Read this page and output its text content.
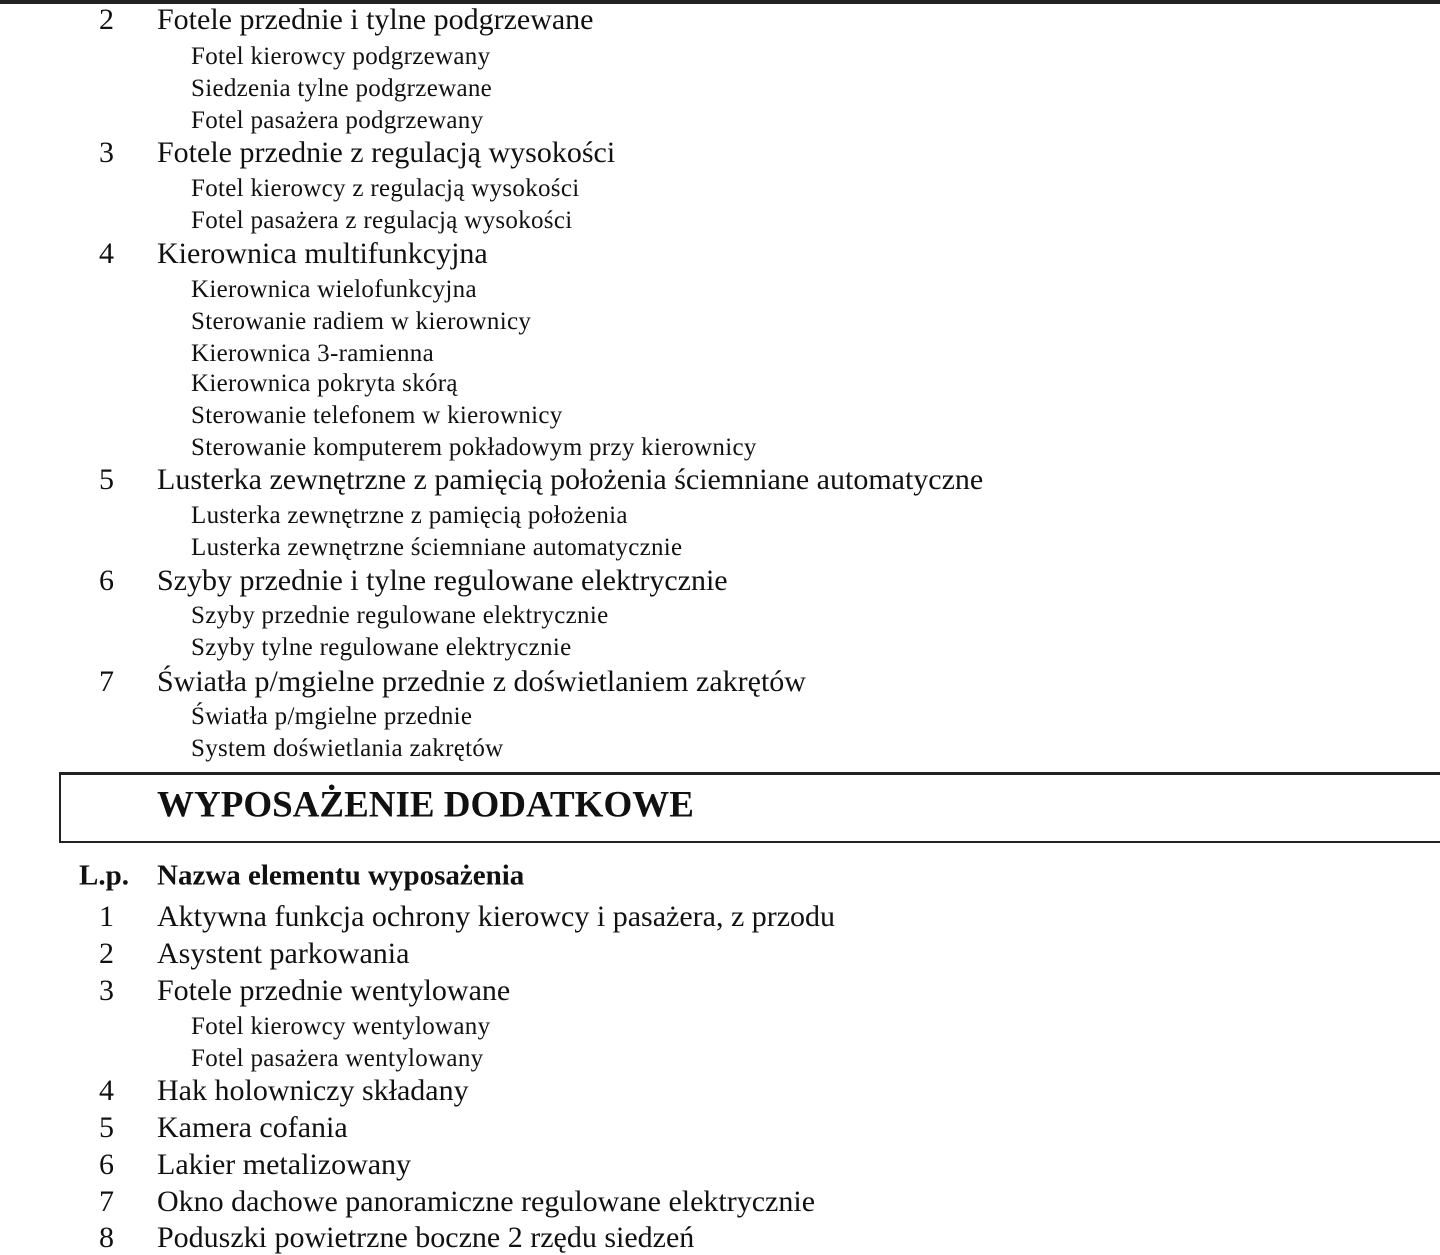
2 Fotele przednie i tylne podgrzewane
Fotel kierowcy podgrzewany
Siedzenia tylne podgrzewane
Fotel pasażera podgrzewany
3 Fotele przednie z regulacją wysokości
Fotel kierowcy z regulacją wysokości
Fotel pasażera z regulacją wysokości
4 Kierownica multifunkcyjna
Kierownica wielofunkcyjna
Sterowanie radiem w kierownicy
Kierownica 3-ramienna
Kierownica pokryta skórą
Sterowanie telefonem w kierownicy
Sterowanie komputerem pokładowym przy kierownicy
5 Lusterka zewnętrzne z pamięcią położenia ściemniane automatyczne
Lusterka zewnętrzne z pamięcią położenia
Lusterka zewnętrzne ściemniane automatycznie
6 Szyby przednie i tylne regulowane elektrycznie
Szyby przednie regulowane elektrycznie
Szyby tylne regulowane elektrycznie
7 Światła p/mgielne przednie z doświetlaniem zakrętów
Światła p/mgielne przednie
System doświetlania zakrętów
WYPOSAŻENIE DODATKOWE
L.p. Nazwa elementu wyposażenia
1 Aktywna funkcja ochrony kierowcy i pasażera, z przodu
2 Asystent parkowania
3 Fotele przednie wentylowane
Fotel kierowcy wentylowany
Fotel pasażera wentylowany
4 Hak holowniczy składany
5 Kamera cofania
6 Lakier metalizowany
7 Okno dachowe panoramiczne regulowane elektrycznie
8 Poduszki powietrzne boczne 2 rzędu siedzeń
